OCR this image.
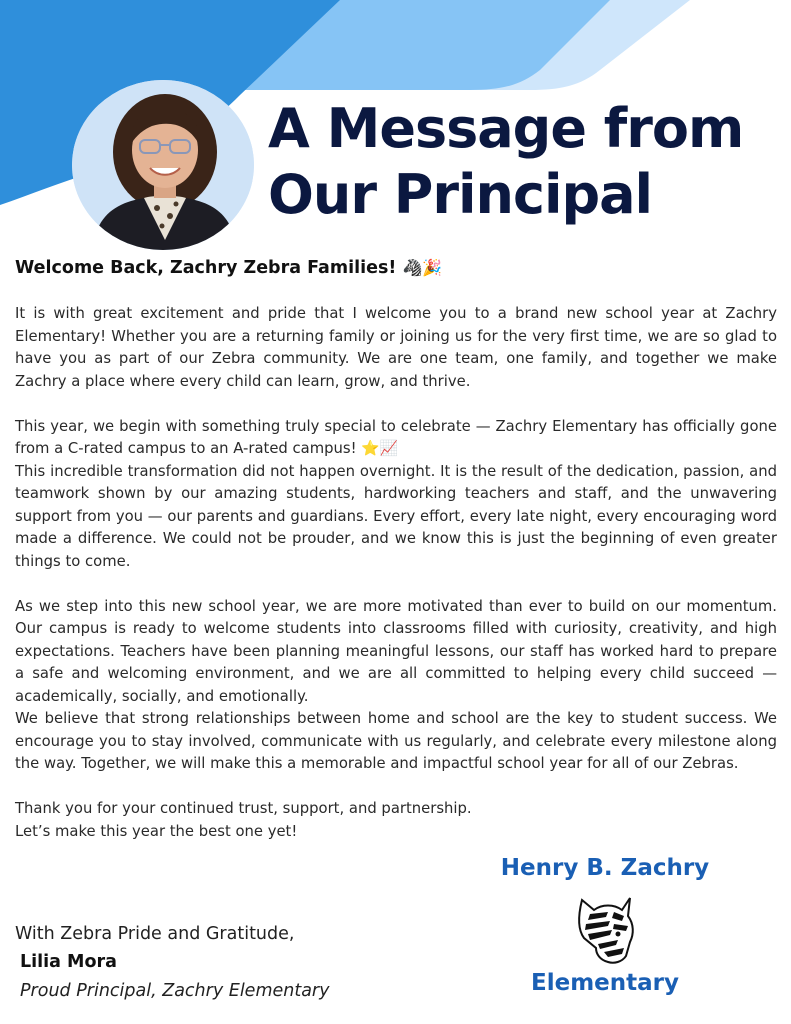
A Message from
Our Principal
Welcome Back, Zachry Zebra Families! 🦓🎉

It is with great excitement and pride that I welcome you to a brand new school year at Zachry Elementary! Whether you are a returning family or joining us for the very first time, we are so glad to have you as part of our Zebra community. We are one team, one family, and together we make Zachry a place where every child can learn, grow, and thrive.

This year, we begin with something truly special to celebrate — Zachry Elementary has officially gone from a C-rated campus to an A-rated campus! ⭐📈

This incredible transformation did not happen overnight. It is the result of the dedication, passion, and teamwork shown by our amazing students, hardworking teachers and staff, and the unwavering support from you — our parents and guardians. Every effort, every late night, every encouraging word made a difference. We could not be prouder, and we know this is just the beginning of even greater things to come.

As we step into this new school year, we are more motivated than ever to build on our momentum. Our campus is ready to welcome students into classrooms filled with curiosity, creativity, and high expectations. Teachers have been planning meaningful lessons, our staff has worked hard to prepare a safe and welcoming environment, and we are all committed to helping every child succeed — academically, socially, and emotionally.

We believe that strong relationships between home and school are the key to student success. We encourage you to stay involved, communicate with us regularly, and celebrate every milestone along the way. Together, we will make this a memorable and impactful school year for all of our Zebras.

Thank you for your continued trust, support, and partnership. Let’s make this year the best one yet!

With Zebra Pride and Gratitude,
Lilia Mora
Proud Principal, Zachry Elementary
Henry B. Zachry
Elementary
